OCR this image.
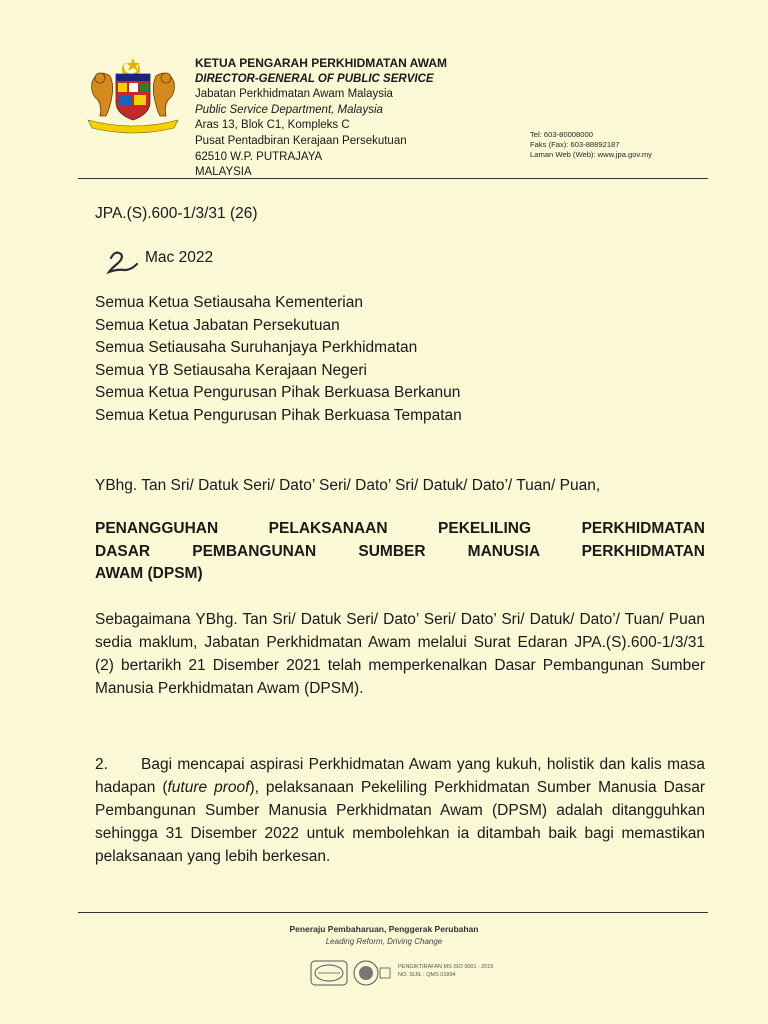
KETUA PENGARAH PERKHIDMATAN AWAM
DIRECTOR-GENERAL OF PUBLIC SERVICE
Jabatan Perkhidmatan Awam Malaysia
Public Service Department, Malaysia
Aras 13, Blok C1, Kompleks C
Pusat Pentadbiran Kerajaan Persekutuan
62510 W.P. PUTRAJAYA
MALAYSIA
Tel: 603-80008000
Faks (Fax): 603-88892187
Laman Web (Web): www.jpa.gov.my
JPA.(S).600-1/3/31 (26)
Mac 2022
Semua Ketua Setiausaha Kementerian
Semua Ketua Jabatan Persekutuan
Semua Setiausaha Suruhanjaya Perkhidmatan
Semua YB Setiausaha Kerajaan Negeri
Semua Ketua Pengurusan Pihak Berkuasa Berkanun
Semua Ketua Pengurusan Pihak Berkuasa Tempatan
YBhg. Tan Sri/ Datuk Seri/ Dato’ Seri/ Dato’ Sri/ Datuk/ Dato’/ Tuan/ Puan,
PENANGGUHAN PELAKSANAAN PEKELILING PERKHIDMATAN
DASAR PEMBANGUNAN SUMBER MANUSIA PERKHIDMATAN
AWAM (DPSM)

Sebagaimana YBhg. Tan Sri/ Datuk Seri/ Dato’ Seri/ Dato’ Sri/ Datuk/ Dato’/ Tuan/ Puan sedia maklum, Jabatan Perkhidmatan Awam melalui Surat Edaran JPA.(S).600-1/3/31 (2) bertarikh 21 Disember 2021 telah memperkenalkan Dasar Pembangunan Sumber Manusia Perkhidmatan Awam (DPSM).

2. Bagi mencapai aspirasi Perkhidmatan Awam yang kukuh, holistik dan kalis masa hadapan (future proof), pelaksanaan Pekeliling Perkhidmatan Sumber Manusia Dasar Pembangunan Sumber Manusia Perkhidmatan Awam (DPSM) adalah ditangguhkan sehingga 31 Disember 2022 untuk membolehkan ia ditambah baik bagi memastikan pelaksanaan yang lebih berkesan.

Peneraju Pembaharuan, Penggerak Perubahan
Leading Reform, Driving Change
PENGIKTIRAFAN MS ISO 9001 : 2015
NO. SIJIL : QMS 01894
